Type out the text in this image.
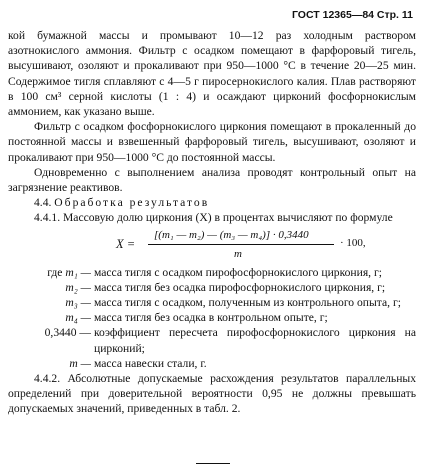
ГОСТ 12365—84 Стр. 11

кой бумажной массы и промывают 10—12 раз холодным раствором азотнокислого аммония. Фильтр с осадком помещают в фарфоровый тигель, высушивают, озоляют и прокаливают при 950—1000 °C в течение 20—25 мин. Содержимое тигля сплавляют с 4—5 г пиросернокислого калия. Плав растворяют в 100 см³ серной кислоты (1 : 4) и осаждают цирконий фосфорнокислым аммонием, как указано выше.

Фильтр с осадком фосфорнокислого циркония помещают в прокаленный до постоянной массы и взвешенный фарфоровый тигель, высушивают, озоляют и прокаливают при 950—1000 °C до постоянной массы.

Одновременно с выполнением анализа проводят контрольный опыт на загрязнение реактивов.

4.4. Обработка результатов

4.4.1. Массовую долю циркония (X) в процентах вычисляют по формуле

X =
[(m₁ — m₂) — (m₃ — m₄)] · 0,3440
m
· 100,
где m₁ — масса тигля с осадком пирофосфорнокислого циркония, г;
m₂ — масса тигля без осадка пирофосфорнокислого циркония, г;
m₃ — масса тигля с осадком, полученным из контрольного опыта, г;
m₄ — масса тигля без осадка в контрольном опыте, г;
0,3440 — коэффициент пересчета пирофосфорнокислого циркония на цирконий;
m — масса навески стали, г.

4.4.2. Абсолютные допускаемые расхождения результатов параллельных определений при доверительной вероятности 0,95 не должны превышать допускаемых значений, приведенных в табл. 2.
